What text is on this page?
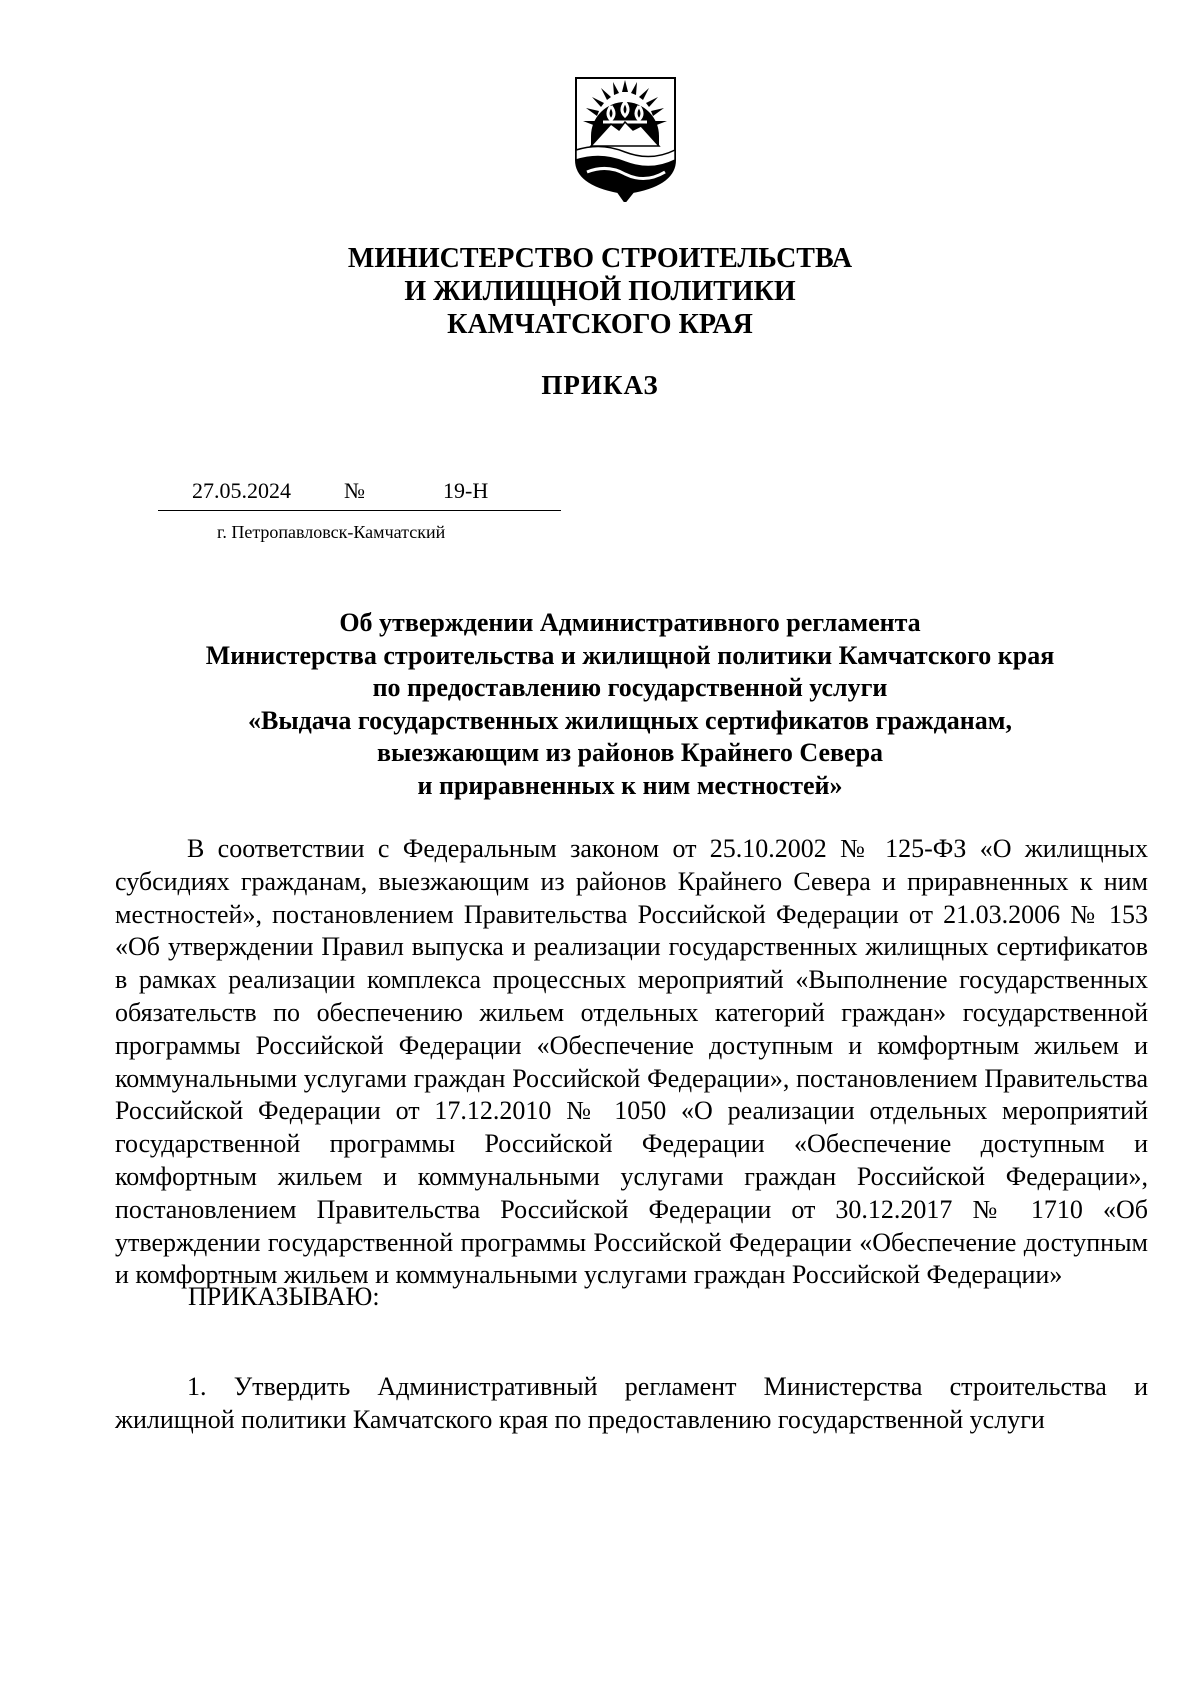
МИНИСТЕРСТВО СТРОИТЕЛЬСТВА
И ЖИЛИЩНОЙ ПОЛИТИКИ
КАМЧАТСКОГО КРАЯ
ПРИКАЗ
27.05.2024 №	19-Н
г. Петропавловск-Камчатский
Об утверждении Административного регламента
Министерства строительства и жилищной политики Камчатского края
по предоставлению государственной услуги
«Выдача государственных жилищных сертификатов гражданам,
выезжающим из районов Крайнего Севера
и приравненных к ним местностей»

В соответствии с Федеральным законом от 25.10.2002 № 125-ФЗ «О жилищных субсидиях гражданам, выезжающим из районов Крайнего Севера и приравненных к ним местностей», постановлением Правительства Российской Федерации от 21.03.2006 № 153 «Об утверждении Правил выпуска и реализации государственных жилищных сертификатов в рамках реализации комплекса процессных мероприятий «Выполнение государственных обязательств по обеспечению жильем отдельных категорий граждан» государственной программы Российской Федерации «Обеспечение доступным и комфортным жильем и коммунальными услугами граждан Российской Федерации», постановлением Правительства Российской Федерации от 17.12.2010 № 1050 «О реализации отдельных мероприятий государственной программы Российской Федерации «Обеспечение доступным и комфортным жильем и коммунальными услугами граждан Российской Федерации», постановлением Правительства Российской Федерации от 30.12.2017 № 1710 «Об утверждении государственной программы Российской Федерации «Обеспечение доступным и комфортным жильем и коммунальными услугами граждан Российской Федерации»

ПРИКАЗЫВАЮ:

1. Утвердить Административный регламент Министерства строительства и жилищной политики Камчатского края по предоставлению государственной услуги
